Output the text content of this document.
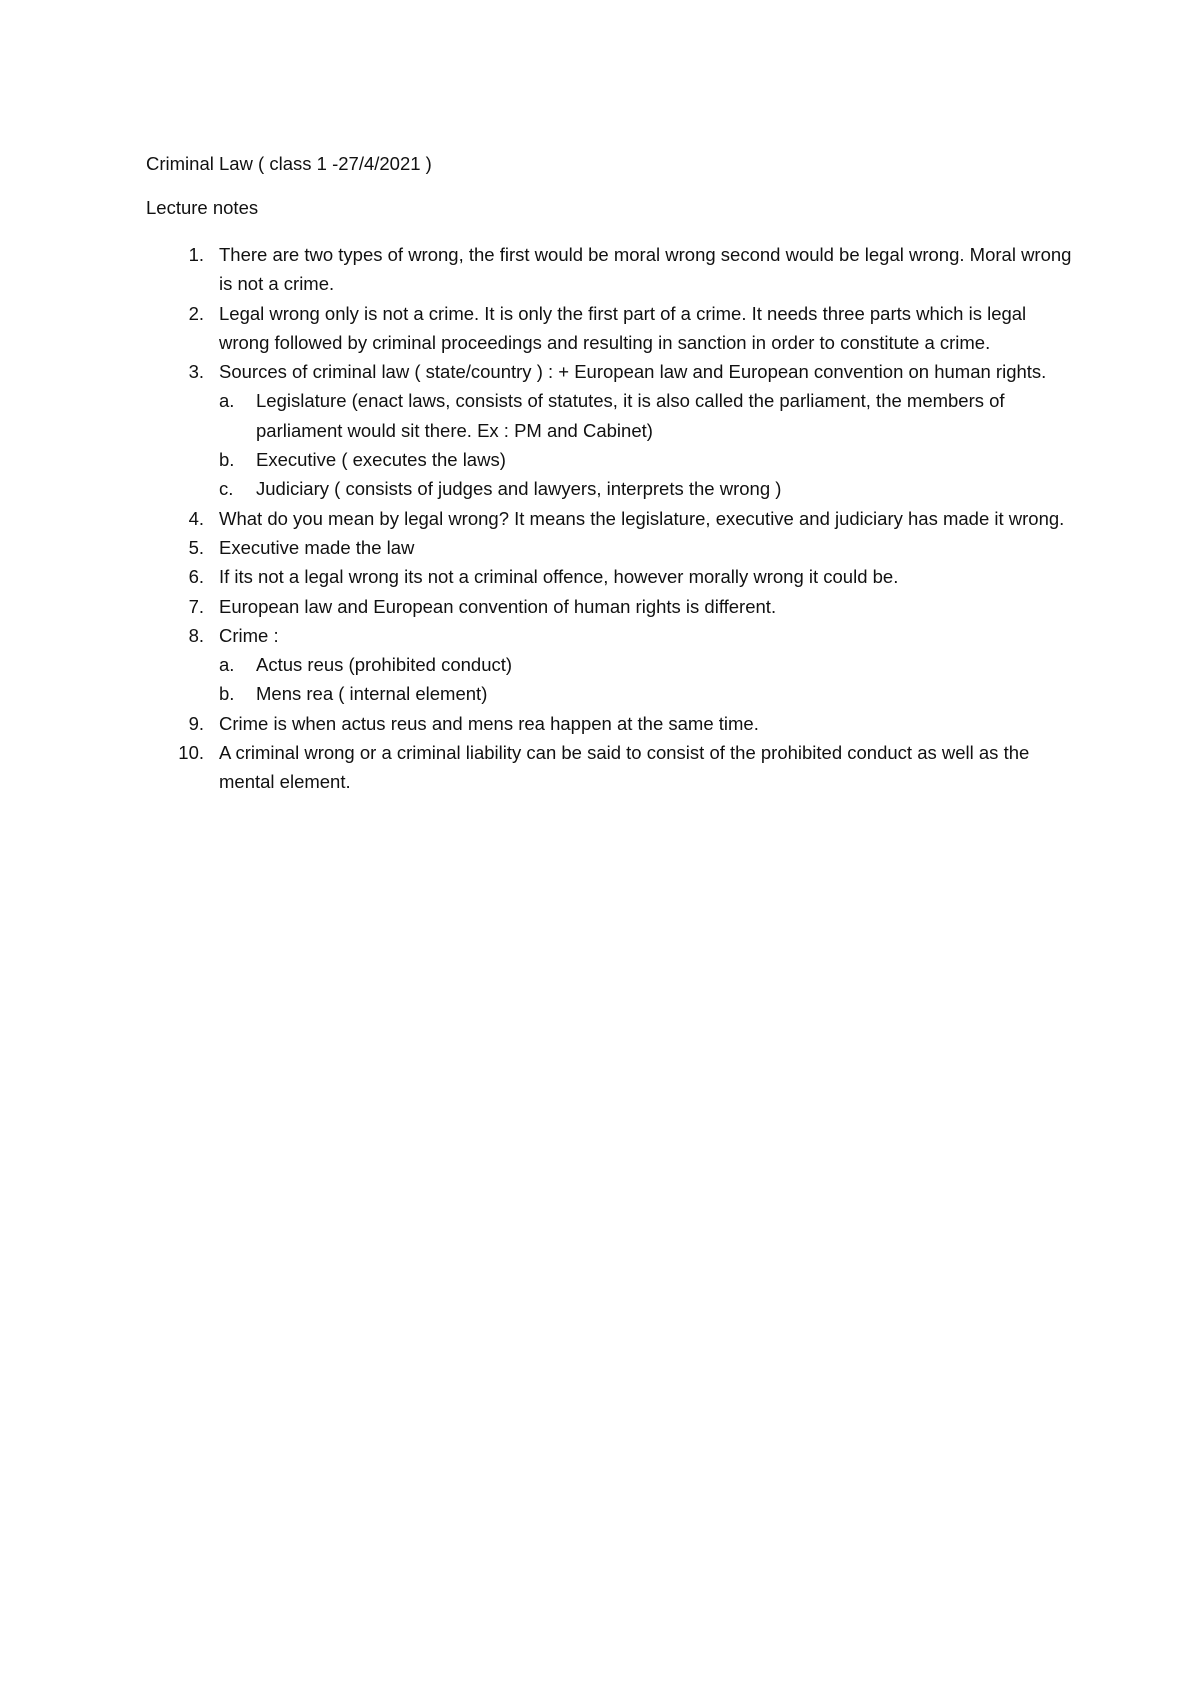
Criminal Law ( class 1 -27/4/2021 )

Lecture notes

1. There are two types of wrong, the first would be moral wrong second would be legal wrong. Moral wrong is not a crime.
2. Legal wrong only is not a crime. It is only the first part of a crime. It needs three parts which is legal wrong followed by criminal proceedings and resulting in sanction in order to constitute a crime.
3. Sources of criminal law ( state/country ) : + European law and European convention on human rights.
a. Legislature (enact laws, consists of statutes, it is also called the parliament, the members of parliament would sit there. Ex : PM and Cabinet)
b. Executive ( executes the laws)
c.	Judiciary ( consists of judges and lawyers, interprets the wrong )
4. What do you mean by legal wrong? It means the legislature, executive and judiciary has made it wrong.
5. Executive made the law
6. If its not a legal wrong its not a criminal offence, however morally wrong it could be.
7. European law and European convention of human rights is different.
8. Crime :
a. Actus reus (prohibited conduct)
b. Mens rea ( internal element)
9. Crime is when actus reus and mens rea happen at the same time.
10. A criminal wrong or a criminal liability can be said to consist of the prohibited conduct as well as the mental element.
